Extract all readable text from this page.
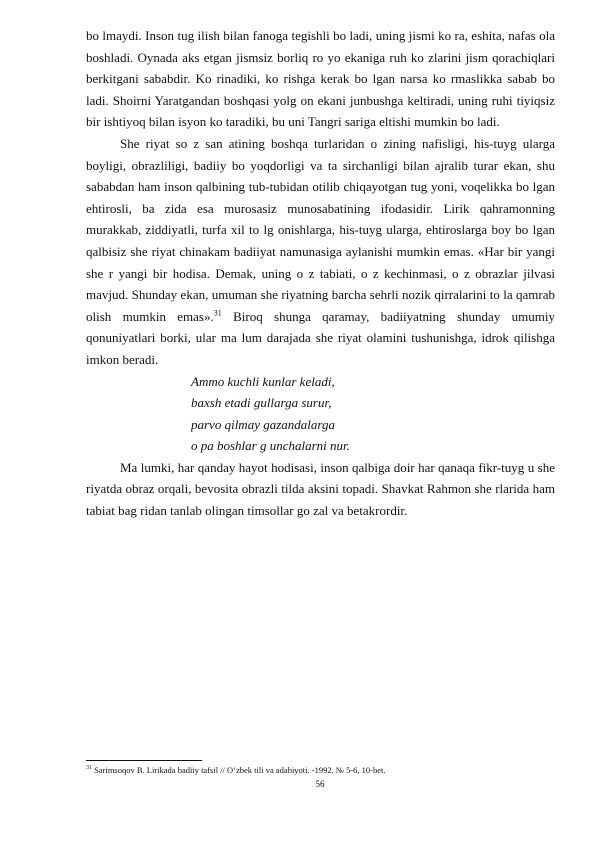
bo lmaydi. Inson tug ilish bilan fanoga tegishli bo ladi, uning jismi ko ra, eshita, nafas ola boshladi. Oynada aks etgan jismsiz borliq ro yo ekaniga ruh ko zlarini jism qorachiqlari berkitgani sababdir. Ko rinadiki, ko rishga kerak bo lgan narsa ko rmaslikka sabab bo ladi. Shoirni Yaratgandan boshqasi yolg on ekani junbushga keltiradi, uning ruhi tiyiqsiz bir ishtiyoq bilan isyon ko taradiki, bu uni Tangri sariga eltishi mumkin bo ladi.

She riyat so z san atining boshqa turlaridan o zining nafisligi, his-tuyg ularga boyligi, obrazliligi, badiiy bo yoqdorligi va ta sirchanligi bilan ajralib turar ekan, shu sababdan ham inson qalbining tub-tubidan otilib chiqayotgan tug yoni, voqelikka bo lgan ehtirosli, ba zida esa murosasiz munosabatining ifodasidir. Lirik qahramonning murakkab, ziddiyatli, turfa xil to lg onishlarga, his-tuyg ularga, ehtiroslarga boy bo lgan qalbisiz she riyat chinakam badiiyat namunasiga aylanishi mumkin emas. «Har bir yangi she r yangi bir hodisa. Demak, uning o z tabiati, o z kechinmasi, o z obrazlar jilvasi mavjud. Shunday ekan, umuman she riyatning barcha sehrli nozik qirralarini to la qamrab olish mumkin emas».$^{31}$ Biroq shunga qaramay, badiiyatning shunday umumiy qonuniyatlari borki, ular ma lum darajada she riyat olamini tushunishga, idrok qilishga imkon beradi.

Ammo kuchli kunlar keladi,
baxsh etadi gullarga surur,
parvo qilmay gazandalarga
o pa boshlar g unchalarni nur.

Ma lumki, har qanday hayot hodisasi, inson qalbiga doir har qanaqa fikr-tuyg u she riyatda obraz orqali, bevosita obrazli tilda aksini topadi. Shavkat Rahmon she rlarida ham tabiat bag ridan tanlab olingan timsollar go zal va betakrordir.

$^{31}$ Sarimsoqov B. Lirikada badiiy tafsil // O’zbek tili va adabiyoti. -1992. № 5-6, 10-bet.
56
